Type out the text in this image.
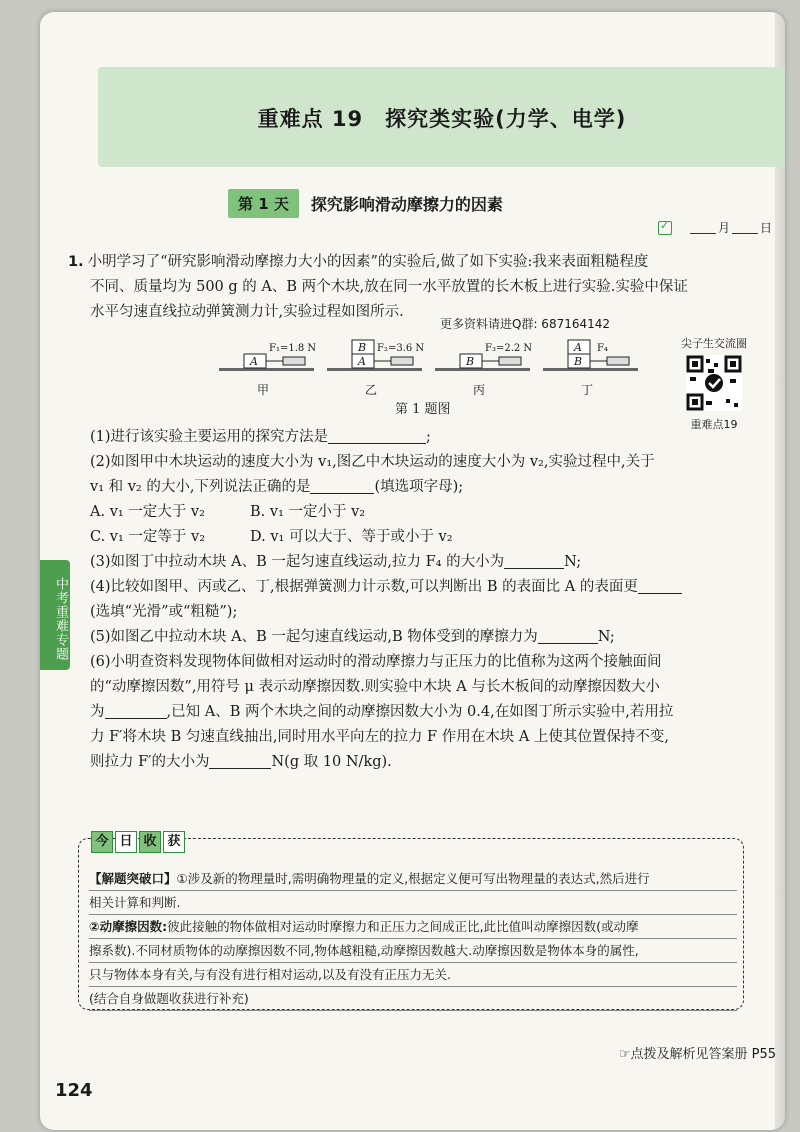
重难点 19　探究类实验(力学、电学)
中考重难专题
第 1 天	探究影响滑动摩擦力的因素
✓
月	日

1. 小明学习了“研究影响滑动摩擦力大小的因素”的实验后,做了如下实验:我来表面粗糙程度

不同、质量均为 500 g 的 A、B 两个木块,放在同一水平放置的长木板上进行实验.实验中保证

水平匀速直线拉动弹簧测力计,实验过程如图所示.

(1)进行该实验主要运用的探究方法是	;

(2)如图甲中木块运动的速度大小为 v₁,图乙中木块运动的速度大小为 v₂,实验过程中,关于

v₁ 和 v₂ 的大小,下列说法正确的是	(填选项字母);

A. v₁ 一定大于 v₂	B. v₁ 一定小于 v₂

C. v₁ 一定等于 v₂	D. v₁ 可以大于、等于或小于 v₂

(3)如图丁中拉动木块 A、B 一起匀速直线运动,拉力 F₄ 的大小为	N;

(4)比较如图甲、丙或乙、丁,根据弹簧测力计示数,可以判断出 B 的表面比 A 的表面更

(选填“光滑”或“粗糙”);

(5)如图乙中拉动木块 A、B 一起匀速直线运动,B 物体受到的摩擦力为	N;

(6)小明查资料发现物体间做相对运动时的滑动摩擦力与正压力的比值称为这两个接触面间

的“动摩擦因数”,用符号 μ 表示动摩擦因数.则实验中木块 A 与长木板间的动摩擦因数大小

为	,已知 A、B 两个木块之间的动摩擦因数大小为 0.4,在如图丁所示实验中,若用拉

力 F′将木块 B 匀速直线抽出,同时用水平向左的拉力 F 作用在木块 A 上使其位置保持不变,

则拉力 F′的大小为	N(g 取 10 N/kg).

更多资料请进Q群: 687164142
A
F₁=1.8 N
甲
A
B F₂=3.6 N
乙
B
F₃=2.2 N
丙
B
A F₄
丁
第 1 题图
尖子生交流圈
重难点19
今 日 收 获
【解题突破口】①涉及新的物理量时,需明确物理量的定义,根据定义便可写出物理量的表达式,然后进行
相关计算和判断.
②动摩擦因数:彼此接触的物体做相对运动时摩擦力和正压力之间成正比,此比值叫动摩擦因数(或动摩
擦系数).不同材质物体的动摩擦因数不同,物体越粗糙,动摩擦因数越大.动摩擦因数是物体本身的属性,
只与物体本身有关,与有没有进行相对运动,以及有没有正压力无关.
(结合自身做题收获进行补充)
☞点拨及解析见答案册 P55
124
